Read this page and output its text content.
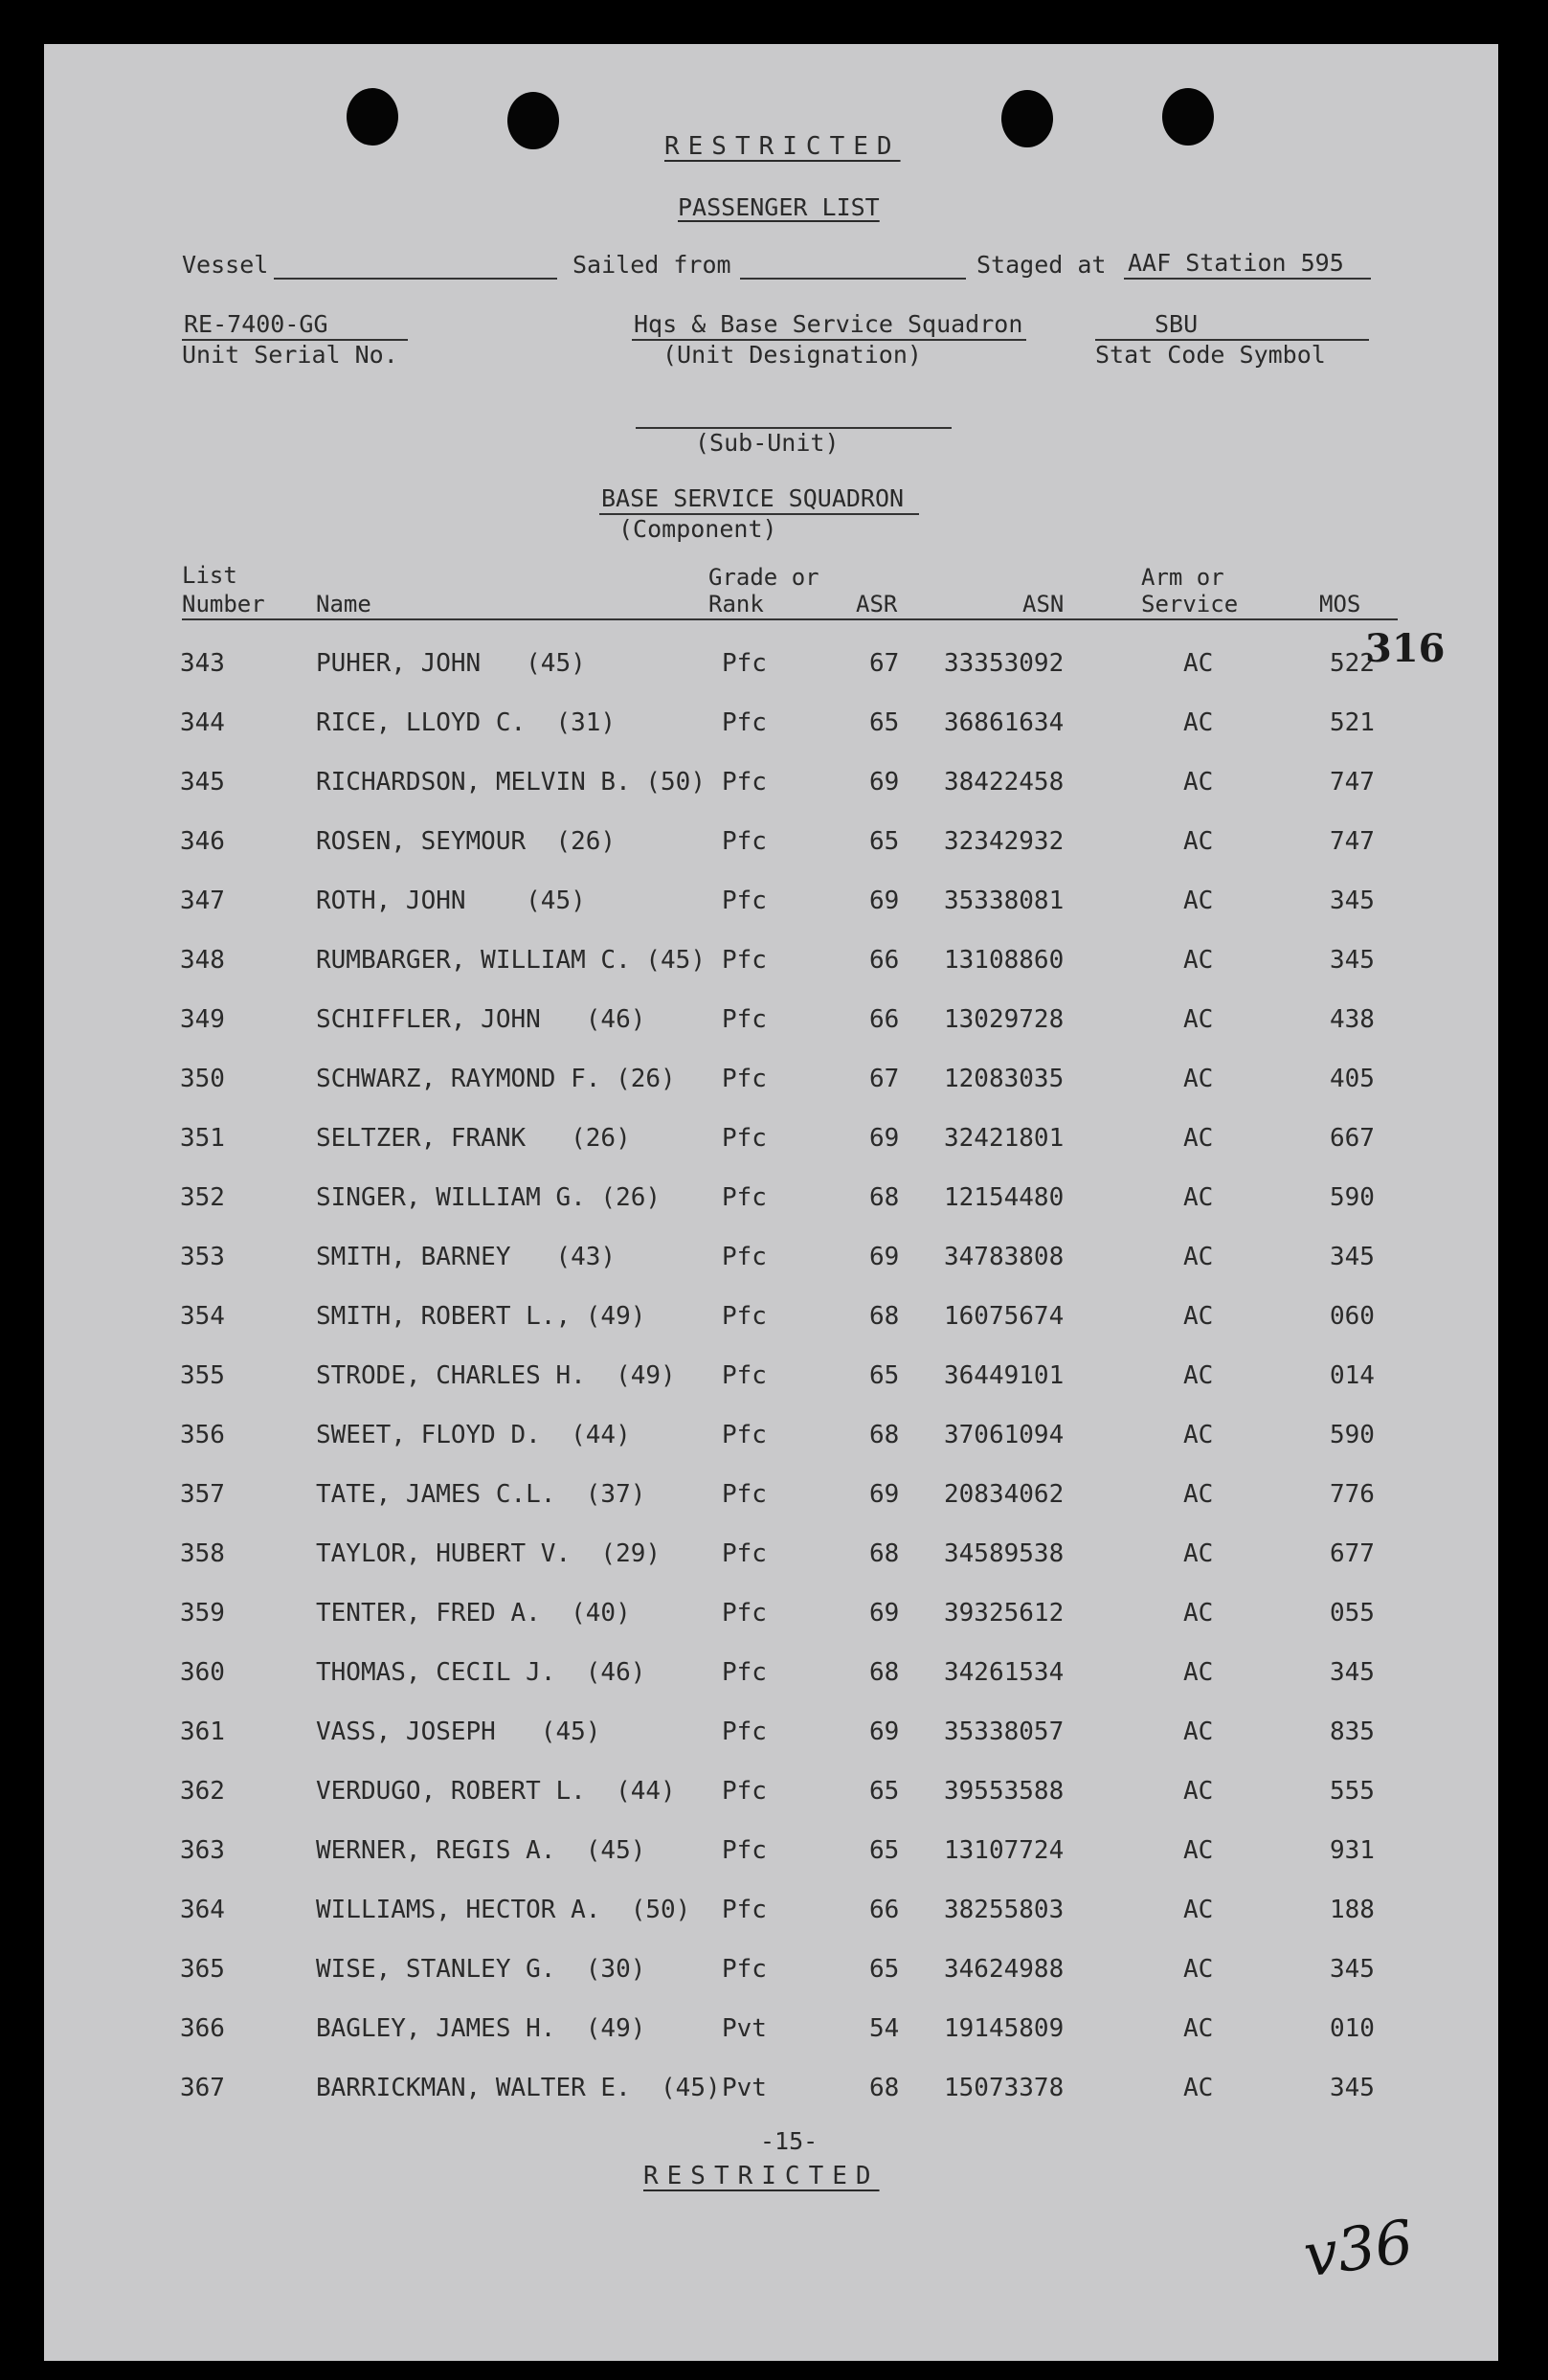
RESTRICTED
PASSENGER LIST
Vessel	Sailed from	Staged at AAF Station 595
RE-7400-GG
Unit Serial No.
Hqs & Base Service Squadron
(Unit Designation)
SBU
Stat Code Symbol
(Sub-Unit)
BASE SERVICE SQUADRON
(Component)
List
Number Name
Grade or
Rank	ASR	ASN
Arm or
Service	MOS
343	PUHER, JOHN   (45)	Pfc	67 33353092	AC	522
344	RICE, LLOYD C.  (31)	Pfc	65 36861634	AC	521
345	RICHARDSON, MELVIN B. (50) Pfc	69 38422458	AC	747
346	ROSEN, SEYMOUR  (26)	Pfc	65 32342932	AC	747
347	ROTH, JOHN    (45)	Pfc	69 35338081	AC	345
348	RUMBARGER, WILLIAM C. (45) Pfc	66 13108860	AC	345
349	SCHIFFLER, JOHN   (46)	Pfc	66 13029728	AC	438
350	SCHWARZ, RAYMOND F. (26) Pfc	67 12083035	AC	405
351	SELTZER, FRANK   (26)	Pfc	69 32421801	AC	667
352	SINGER, WILLIAM G. (26) Pfc	68 12154480	AC	590
353	SMITH, BARNEY   (43)	Pfc	69 34783808	AC	345
354	SMITH, ROBERT L., (49)	Pfc	68 16075674	AC	060
355	STRODE, CHARLES H.  (49) Pfc	65 36449101	AC	014
356	SWEET, FLOYD D.  (44)	Pfc	68 37061094	AC	590
357	TATE, JAMES C.L.  (37)	Pfc	69 20834062	AC	776
358	TAYLOR, HUBERT V.  (29) Pfc	68 34589538	AC	677
359	TENTER, FRED A.  (40)	Pfc	69 39325612	AC	055
360	THOMAS, CECIL J.  (46)	Pfc	68 34261534	AC	345
361	VASS, JOSEPH   (45)	Pfc	69 35338057	AC	835
362	VERDUGO, ROBERT L.  (44) Pfc	65 39553588	AC	555
363	WERNER, REGIS A.  (45)	Pfc	65 13107724	AC	931
364	WILLIAMS, HECTOR A.  (50) Pfc	66 38255803	AC	188
365	WISE, STANLEY G.  (30)	Pfc	65 34624988	AC	345
366	BAGLEY, JAMES H.  (49)	Pvt	54 19145809	AC	010
367	BARRICKMAN, WALTER E.  (45) Pvt	68 15073378	AC	345
316
-15-
RESTRICTED
v36
